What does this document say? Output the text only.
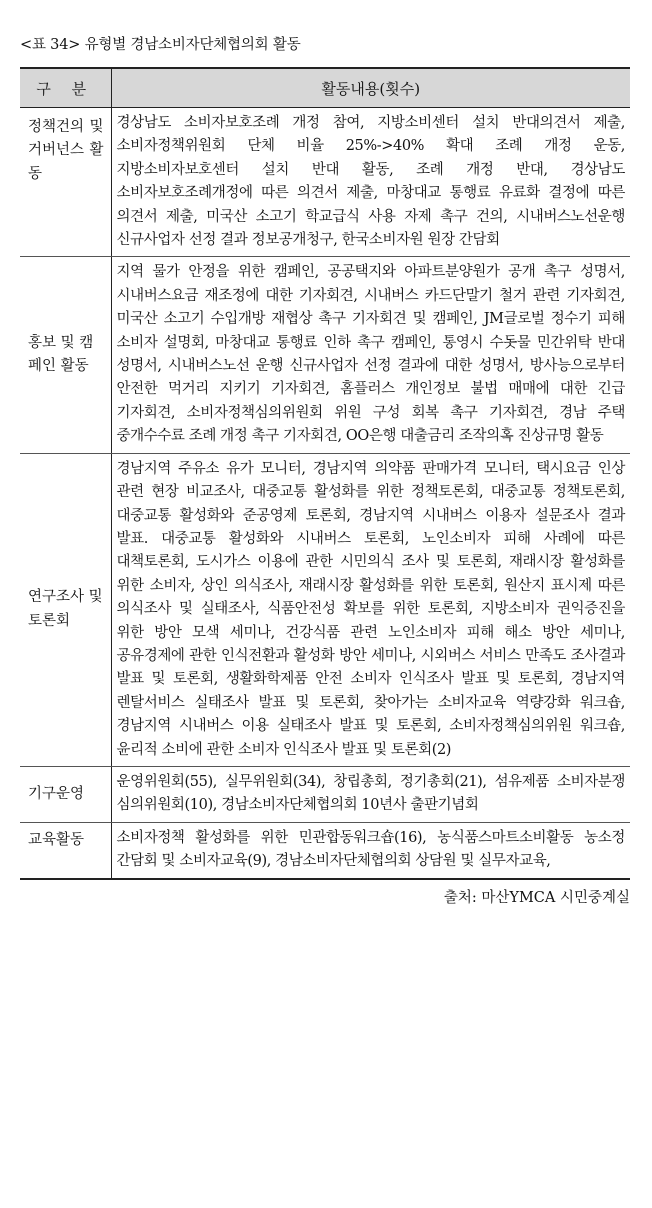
<표 34> 유형별 경남소비자단체협의회 활동
구 분	활동내용(횟수)
정책건의 및 거버넌스 활동	경상남도 소비자보호조례 개정 참여, 지방소비센터 설치 반대의견서 제출, 소비자정책위원회 단체 비율 25%->40% 확대 조례 개정 운동, 지방소비자보호센터 설치 반대 활동, 조례 개정 반대, 경상남도 소비자보호조례개정에 따른 의견서 제출, 마창대교 통행료 유료화 결정에 따른 의견서 제출, 미국산 소고기 학교급식 사용 자제 촉구 건의, 시내버스노선운행 신규사업자 선정 결과 정보공개청구, 한국소비자원 원장 간담회
홍보 및 캠페인 활동	지역 물가 안정을 위한 캠페인, 공공택지와 아파트분양원가 공개 촉구 성명서, 시내버스요금 재조정에 대한 기자회견, 시내버스 카드단말기 철거 관련 기자회견, 미국산 소고기 수입개방 재협상 촉구 기자회견 및 캠페인, JM글로벌 정수기 피해 소비자 설명회, 마창대교 통행료 인하 촉구 캠페인, 통영시 수돗물 민간위탁 반대 성명서, 시내버스노선 운행 신규사업자 선정 결과에 대한 성명서, 방사능으로부터 안전한 먹거리 지키기 기자회견, 홈플러스 개인정보 불법 매매에 대한 긴급 기자회견, 소비자정책심의위원회 위원 구성 회복 촉구 기자회견, 경남 주택 중개수수료 조례 개정 촉구 기자회견, OO은행 대출금리 조작의혹 진상규명 활동
연구조사 및 토론회	경남지역 주유소 유가 모니터, 경남지역 의약품 판매가격 모니터, 택시요금 인상 관련 현장 비교조사, 대중교통 활성화를 위한 정책토론회, 대중교통 정책토론회, 대중교통 활성화와 준공영제 토론회, 경남지역 시내버스 이용자 설문조사 결과 발표. 대중교통 활성화와 시내버스 토론회, 노인소비자 피해 사례에 따른 대책토론회, 도시가스 이용에 관한 시민의식 조사 및 토론회, 재래시장 활성화를 위한 소비자, 상인 의식조사, 재래시장 활성화를 위한 토론회, 원산지 표시제 따른 의식조사 및 실태조사, 식품안전성 확보를 위한 토론회, 지방소비자 권익증진을 위한 방안 모색 세미나, 건강식품 관련 노인소비자 피해 해소 방안 세미나, 공유경제에 관한 인식전환과 활성화 방안 세미나, 시외버스 서비스 만족도 조사결과 발표 및 토론회, 생활화학제품 안전 소비자 인식조사 발표 및 토론회, 경남지역 렌탈서비스 실태조사 발표 및 토론회, 찾아가는 소비자교육 역량강화 워크숍, 경남지역 시내버스 이용 실태조사 발표 및 토론회, 소비자정책심의위원 워크숍, 윤리적 소비에 관한 소비자 인식조사 발표 및 토론회(2)
기구운영	운영위원회(55), 실무위원회(34), 창립총회, 정기총회(21), 섬유제품 소비자분쟁 심의위원회(10), 경남소비자단체협의회 10년사 출판기념회
교육활동	소비자정책 활성화를 위한 민관합동워크숍(16), 농식품스마트소비활동 농소정 간담회 및 소비자교육(9), 경남소비자단체협의회 상담원 및 실무자교육,
출처: 마산YMCA 시민중계실
